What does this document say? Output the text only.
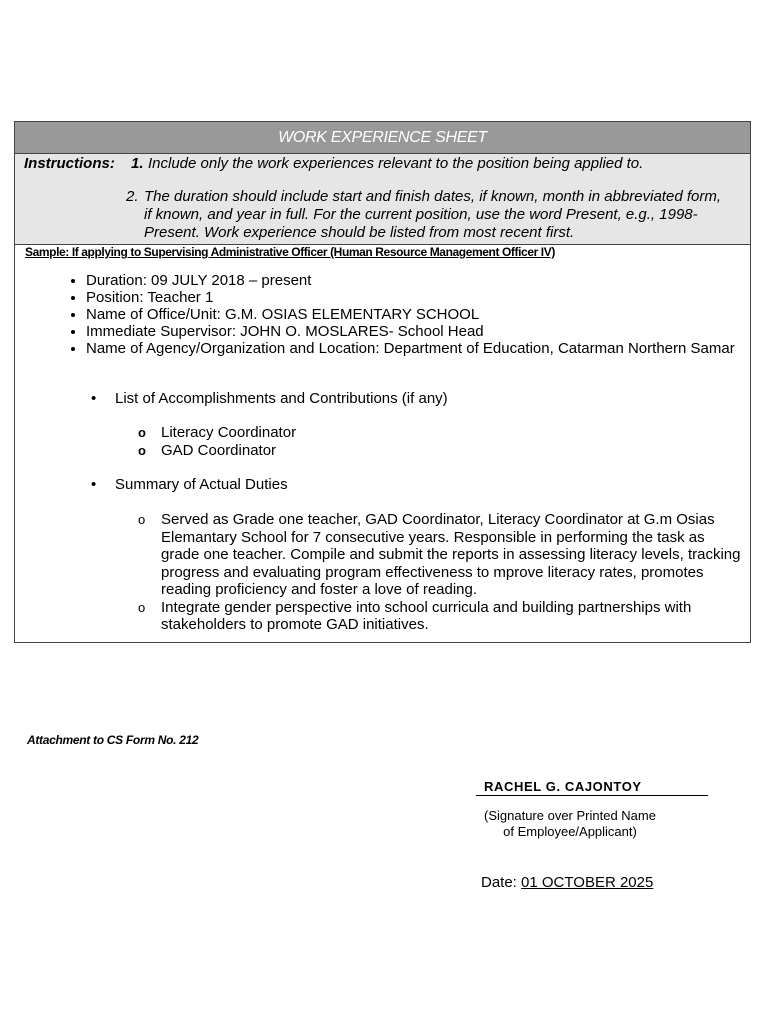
WORK EXPERIENCE SHEET
Instructions: 1. Include only the work experiences relevant to the position being applied to.
2. The duration should include start and finish dates, if known, month in abbreviated form,
if known, and year in full. For the current position, use the word Present, e.g., 1998-
Present. Work experience should be listed from most recent first.
Sample: If applying to Supervising Administrative Officer (Human Resource Management Officer IV)
• Duration: 09 JULY 2018 – present
• Position: Teacher 1
• Name of Office/Unit: G.M. OSIAS ELEMENTARY SCHOOL
• Immediate Supervisor: JOHN O. MOSLARES- School Head
• Name of Agency/Organization and Location: Department of Education, Catarman Northern Samar
• List of Accomplishments and Contributions (if any)
o Literacy Coordinator
o GAD Coordinator
• Summary of Actual Duties
o Served as Grade one teacher, GAD Coordinator, Literacy Coordinator at G.m Osias Elemantary School for 7 consecutive years. Responsible in performing the task as grade one teacher. Compile and submit the reports in assessing literacy levels, tracking progress and evaluating program effectiveness to mprove literacy rates, promotes reading proficiency and foster a love of reading.
o Integrate gender perspective into school curricula and building partnerships with stakeholders to promote GAD initiatives.
Attachment to CS Form No. 212
RACHEL G. CAJONTOY
(Signature over Printed Name
of Employee/Applicant)
Date: 01 OCTOBER 2025
